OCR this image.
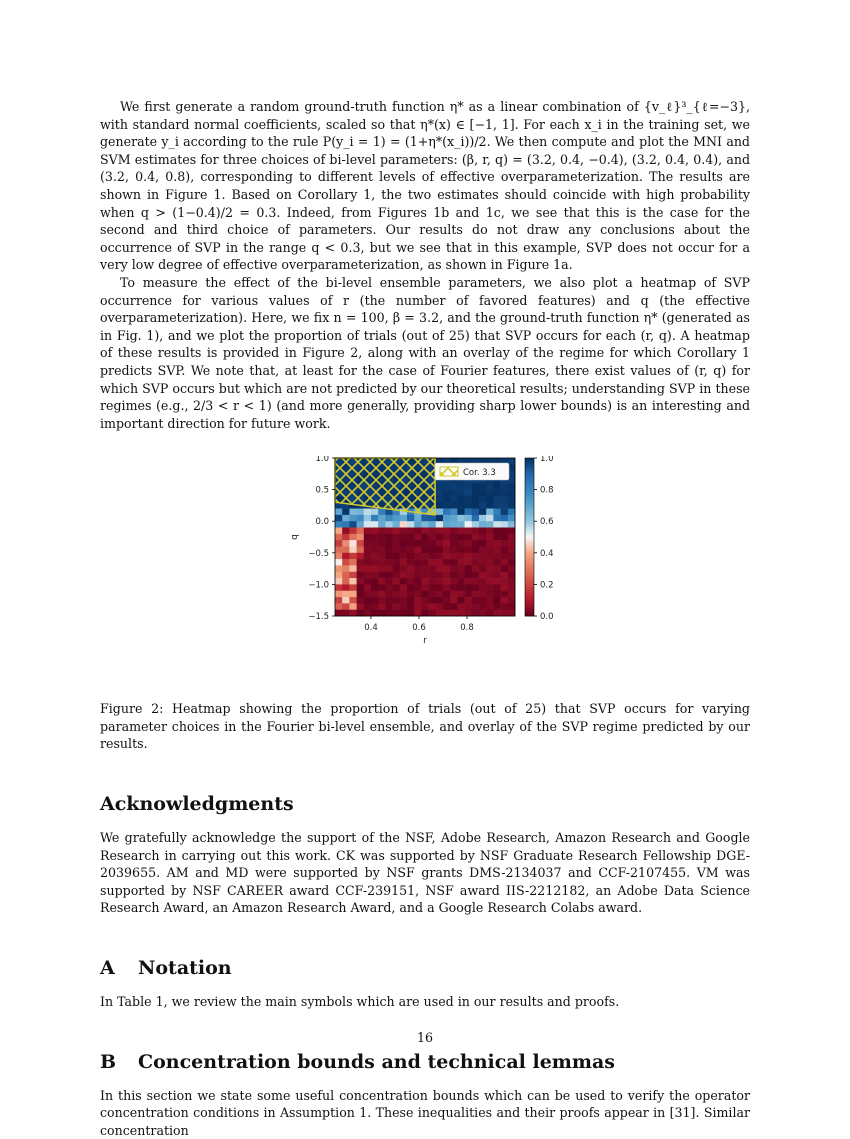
We first generate a random ground-truth function η* as a linear combination of {v_ℓ}³_{ℓ=−3}, with standard normal coefficients, scaled so that η*(x) ∈ [−1, 1]. For each x_i in the training set, we generate y_i according to the rule P(y_i = 1) = (1+η*(x_i))/2. We then compute and plot the MNI and SVM estimates for three choices of bi-level parameters: (β, r, q) = (3.2, 0.4, −0.4), (3.2, 0.4, 0.4), and (3.2, 0.4, 0.8), corresponding to different levels of effective overparameterization. The results are shown in Figure 1. Based on Corollary 1, the two estimates should coincide with high probability when q > (1−0.4)/2 = 0.3. Indeed, from Figures 1b and 1c, we see that this is the case for the second and third choice of parameters. Our results do not draw any conclusions about the occurrence of SVP in the range q < 0.3, but we see that in this example, SVP does not occur for a very low degree of effective overparameterization, as shown in Figure 1a.

To measure the effect of the bi-level ensemble parameters, we also plot a heatmap of SVP occurrence for various values of r (the number of favored features) and q (the effective overparameterization). Here, we fix n = 100, β = 3.2, and the ground-truth function η* (generated as in Fig. 1), and we plot the proportion of trials (out of 25) that SVP occurs for each (r, q). A heatmap of these results is provided in Figure 2, along with an overlay of the regime for which Corollary 1 predicts SVP. We note that, at least for the case of Fourier features, there exist values of (r, q) for which SVP occurs but which are not predicted by our theoretical results; understanding SVP in these regimes (e.g., 2/3 < r < 1) (and more generally, providing sharp lower bounds) is an interesting and important direction for future work.

0.4	0.6	0.8
1.0
0.5
0.0
−0.5
−1.0
−1.5
r
q
1.0
0.8
0.6
0.4
0.2
0.0
Cor. 3.3

Figure 2: Heatmap showing the proportion of trials (out of 25) that SVP occurs for varying parameter choices in the Fourier bi-level ensemble, and overlay of the SVP regime predicted by our results.

Acknowledgments

We gratefully acknowledge the support of the NSF, Adobe Research, Amazon Research and Google Research in carrying out this work. CK was supported by NSF Graduate Research Fellowship DGE-2039655. AM and MD were supported by NSF grants DMS-2134037 and CCF-2107455. VM was supported by NSF CAREER award CCF-239151, NSF award IIS-2212182, an Adobe Data Science Research Award, an Amazon Research Award, and a Google Research Colabs award.

A Notation

In Table 1, we review the main symbols which are used in our results and proofs.

B Concentration bounds and technical lemmas

In this section we state some useful concentration bounds which can be used to verify the operator concentration conditions in Assumption 1. These inequalities and their proofs appear in [31]. Similar concentration

16
